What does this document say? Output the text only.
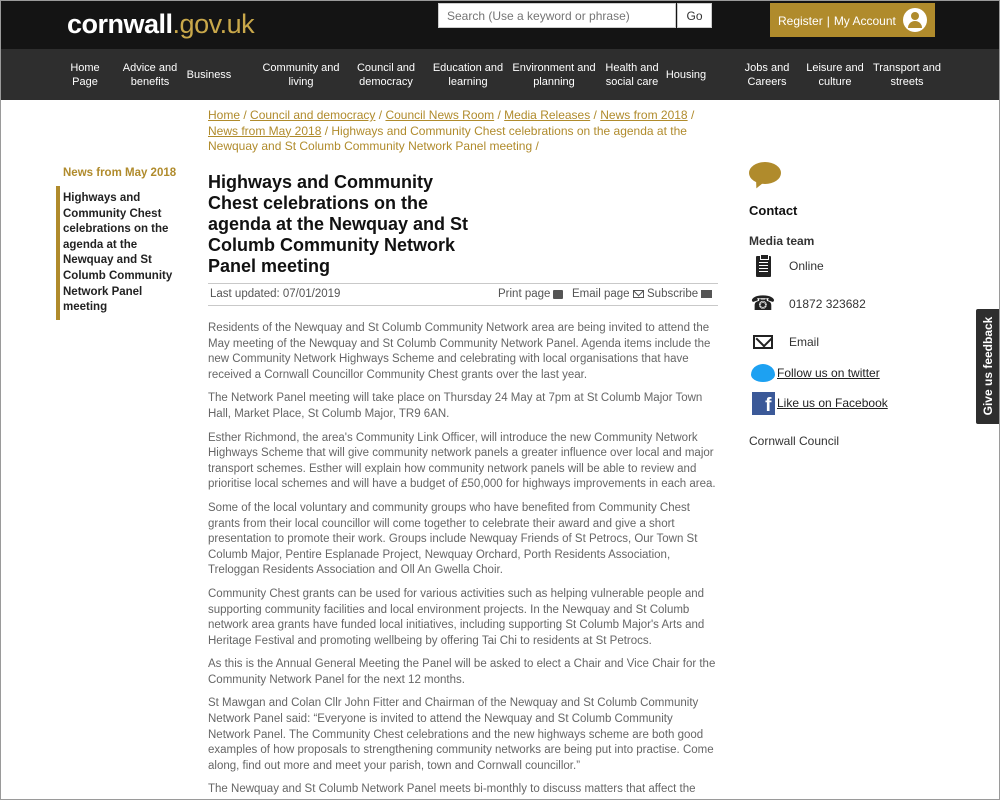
cornwall.gov.uk
Search (Use a keyword or phrase)	Go	Register | My Account
Home
Page
Advice and
benefits
Business
Community and
living
Council and
democracy
Education and
learning
Environment and
planning
Health and
social care
Housing
Jobs and
Careers
Leisure and
culture
Transport and
streets
Home / Council and democracy / Council News Room / Media Releases / News from 2018 / News from May 2018 / Highways and Community Chest celebrations on the agenda at the Newquay and St Columb Community Network Panel meeting /
News from May 2018
Highways and Community Chest celebrations on the agenda at the Newquay and St Columb Community Network Panel meeting
Highways and Community Chest celebrations on the agenda at the Newquay and St Columb Community Network Panel meeting
Last updated: 07/01/2019	Print page Email page Subscribe

Residents of the Newquay and St Columb Community Network area are being invited to attend the May meeting of the Newquay and St Columb Community Network Panel. Agenda items include the new Community Network Highways Scheme and celebrating with local organisations that have received a Cornwall Councillor Community Chest grants over the last year.

The Network Panel meeting will take place on Thursday 24 May at 7pm at St Columb Major Town Hall, Market Place, St Columb Major, TR9 6AN.

Esther Richmond, the area's Community Link Officer, will introduce the new Community Network Highways Scheme that will give community network panels a greater influence over local and major transport schemes. Esther will explain how community network panels will be able to review and prioritise local schemes and will have a budget of £50,000 for highways improvements in each area.

Some of the local voluntary and community groups who have benefited from Community Chest grants from their local councillor will come together to celebrate their award and give a short presentation to promote their work. Groups include Newquay Friends of St Petrocs, Our Town St Columb Major, Pentire Esplanade Project, Newquay Orchard, Porth Residents Association, Treloggan Residents Association and Oll An Gwella Choir.

Community Chest grants can be used for various activities such as helping vulnerable people and supporting community facilities and local environment projects. In the Newquay and St Columb network area grants have funded local initiatives, including supporting St Columb Major's Arts and Heritage Festival and promoting wellbeing by offering Tai Chi to residents at St Petrocs.

As this is the Annual General Meeting the Panel will be asked to elect a Chair and Vice Chair for the Community Network Panel for the next 12 months.

St Mawgan and Colan Cllr John Fitter and Chairman of the Newquay and St Columb Community Network Panel said: “Everyone is invited to attend the Newquay and St Columb Community Network Panel. The Community Chest celebrations and the new highways scheme are both good examples of how proposals to strengthening community networks are being put into practise. Come along, find out more and meet your parish, town and Cornwall councillor.”

The Newquay and St Columb Network Panel meets bi-monthly to discuss matters that affect the

Contact
Media team
Online
☎ 01872 323682
Email
Follow us on twitter
f Like us on Facebook
Cornwall Council
Give us feedback
